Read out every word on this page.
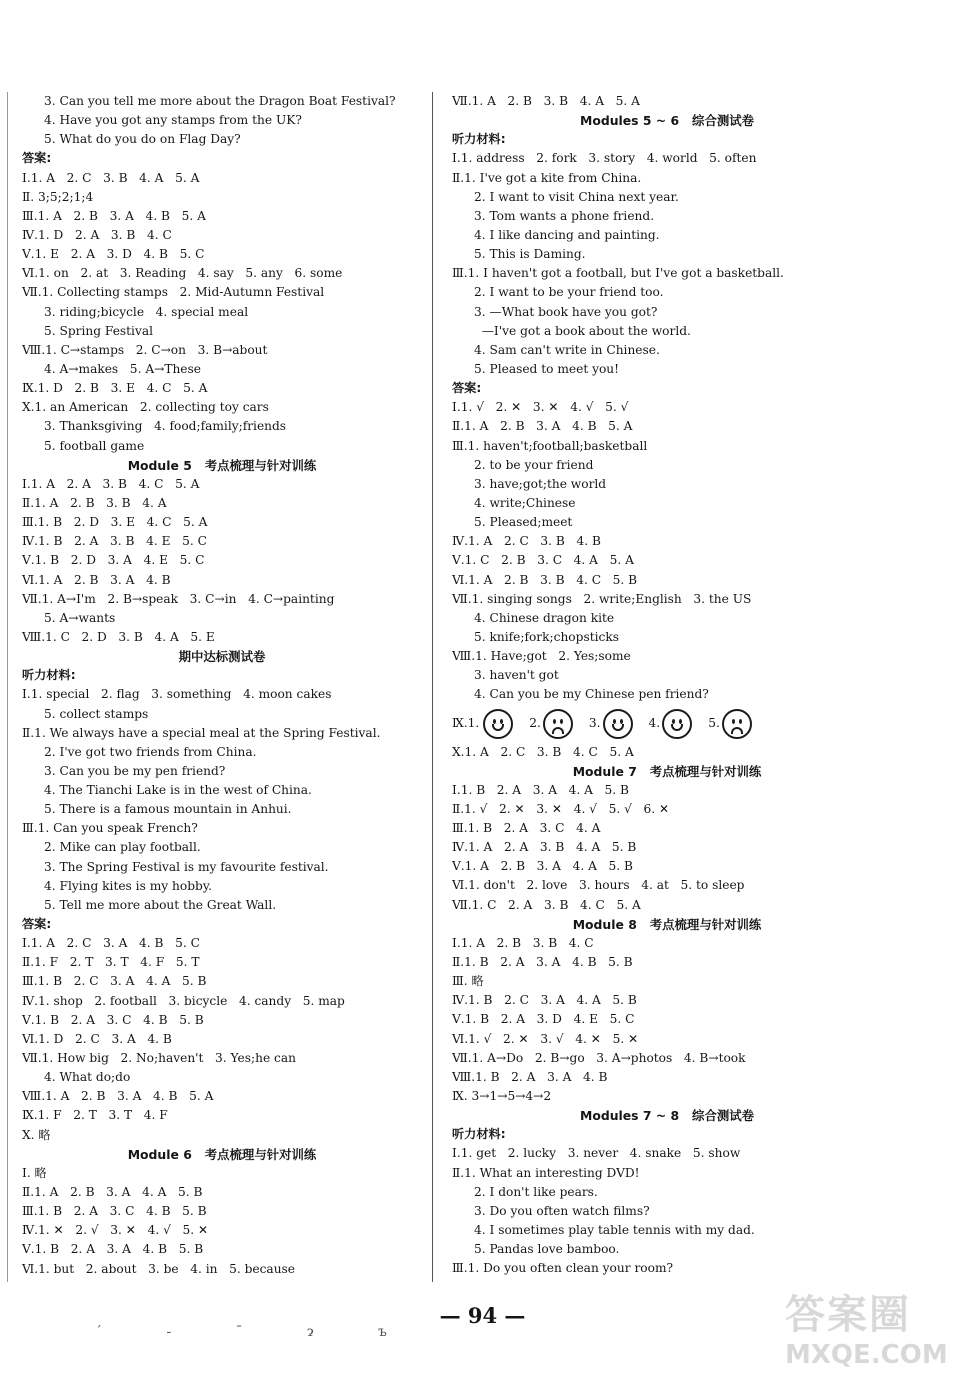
3. Can you tell me more about the Dragon Boat Festival?
4. Have you got any stamps from the UK?
5. What do you do on Flag Day?
答案:
Ⅰ.1. A   2. C   3. B   4. A   5. A
Ⅱ. 3;5;2;1;4
Ⅲ.1. A   2. B   3. A   4. B   5. A
Ⅳ.1. D   2. A   3. B   4. C
Ⅴ.1. E   2. A   3. D   4. B   5. C
Ⅵ.1. on   2. at   3. Reading   4. say   5. any   6. some
Ⅶ.1. Collecting stamps   2. Mid-Autumn Festival
3. riding;bicycle   4. special meal
5. Spring Festival
Ⅷ.1. C→stamps   2. C→on   3. B→about
4. A→makes   5. A→These
Ⅸ.1. D   2. B   3. E   4. C   5. A
Ⅹ.1. an American   2. collecting toy cars
3. Thanksgiving   4. food;family;friends
5. football game
Module 5   考点梳理与针对训练
Ⅰ.1. A   2. A   3. B   4. C   5. A
Ⅱ.1. A   2. B   3. B   4. A
Ⅲ.1. B   2. D   3. E   4. C   5. A
Ⅳ.1. B   2. A   3. B   4. E   5. C
Ⅴ.1. B   2. D   3. A   4. E   5. C
Ⅵ.1. A   2. B   3. A   4. B
Ⅶ.1. A→I'm   2. B→speak   3. C→in   4. C→painting
5. A→wants
Ⅷ.1. C   2. D   3. B   4. A   5. E
期中达标测试卷
听力材料:
Ⅰ.1. special   2. flag   3. something   4. moon cakes
5. collect stamps
Ⅱ.1. We always have a special meal at the Spring Festival.
2. I've got two friends from China.
3. Can you be my pen friend?
4. The Tianchi Lake is in the west of China.
5. There is a famous mountain in Anhui.
Ⅲ.1. Can you speak French?
2. Mike can play football.
3. The Spring Festival is my favourite festival.
4. Flying kites is my hobby.
5. Tell me more about the Great Wall.
答案:
Ⅰ.1. A   2. C   3. A   4. B   5. C
Ⅱ.1. F   2. T   3. T   4. F   5. T
Ⅲ.1. B   2. C   3. A   4. A   5. B
Ⅳ.1. shop   2. football   3. bicycle   4. candy   5. map
Ⅴ.1. B   2. A   3. C   4. B   5. B
Ⅵ.1. D   2. C   3. A   4. B
Ⅶ.1. How big   2. No;haven't   3. Yes;he can
4. What do;do
Ⅷ.1. A   2. B   3. A   4. B   5. A
Ⅸ.1. F   2. T   3. T   4. F
Ⅹ. 略
Module 6   考点梳理与针对训练
Ⅰ. 略
Ⅱ.1. A   2. B   3. A   4. A   5. B
Ⅲ.1. B   2. A   3. C   4. B   5. B
Ⅳ.1. ✕   2. √   3. ✕   4. √   5. ✕
Ⅴ.1. B   2. A   3. A   4. B   5. B
Ⅵ.1. but   2. about   3. be   4. in   5. because
Ⅶ.1. A   2. B   3. B   4. A   5. A
Modules 5 ~ 6   综合测试卷
听力材料:
Ⅰ.1. address   2. fork   3. story   4. world   5. often
Ⅱ.1. I've got a kite from China.
2. I want to visit China next year.
3. Tom wants a phone friend.
4. I like dancing and painting.
5. This is Daming.
Ⅲ.1. I haven't got a football, but I've got a basketball.
2. I want to be your friend too.
3. —What book have you got?
—I've got a book about the world.
4. Sam can't write in Chinese.
5. Pleased to meet you!
答案:
Ⅰ.1. √   2. ✕   3. ✕   4. √   5. √
Ⅱ.1. A   2. B   3. A   4. B   5. A
Ⅲ.1. haven't;football;basketball
2. to be your friend
3. have;got;the world
4. write;Chinese
5. Pleased;meet
Ⅳ.1. A   2. C   3. B   4. B
Ⅴ.1. C   2. B   3. C   4. A   5. A
Ⅵ.1. A   2. B   3. B   4. C   5. B
Ⅶ.1. singing songs   2. write;English   3. the US
4. Chinese dragon kite
5. knife;fork;chopsticks
Ⅷ.1. Have;got   2. Yes;some
3. haven't got
4. Can you be my Chinese pen friend?
Ⅸ.1.	2.	3.	4.	5.
Ⅹ.1. A   2. C   3. B   4. C   5. A
Module 7   考点梳理与针对训练
Ⅰ.1. B   2. A   3. A   4. A   5. B
Ⅱ.1. √   2. ✕   3. ✕   4. √   5. √   6. ✕
Ⅲ.1. B   2. A   3. C   4. A
Ⅳ.1. A   2. A   3. B   4. A   5. B
Ⅴ.1. A   2. B   3. A   4. A   5. B
Ⅵ.1. don't   2. love   3. hours   4. at   5. to sleep
Ⅶ.1. C   2. A   3. B   4. C   5. A
Module 8   考点梳理与针对训练
Ⅰ.1. A   2. B   3. B   4. C
Ⅱ.1. B   2. A   3. A   4. B   5. B
Ⅲ. 略
Ⅳ.1. B   2. C   3. A   4. A   5. B
Ⅴ.1. B   2. A   3. D   4. E   5. C
Ⅵ.1. √   2. ✕   3. √   4. ✕   5. ✕
Ⅶ.1. A→Do   2. B→go   3. A→photos   4. B→took
Ⅷ.1. B   2. A   3. A   4. B
Ⅸ. 3→1→5→4→2
Modules 7 ~ 8   综合测试卷
听力材料:
Ⅰ.1. get   2. lucky   3. never   4. snake   5. show
Ⅱ.1. What an interesting DVD!
2. I don't like pears.
3. Do you often watch films?
4. I sometimes play table tennis with my dad.
5. Pandas love bamboo.
Ⅲ.1. Do you often clean your room?
— 94 —
ˊ ‐ ˉ ɂ ъ	答案圈
MXQE.COM
